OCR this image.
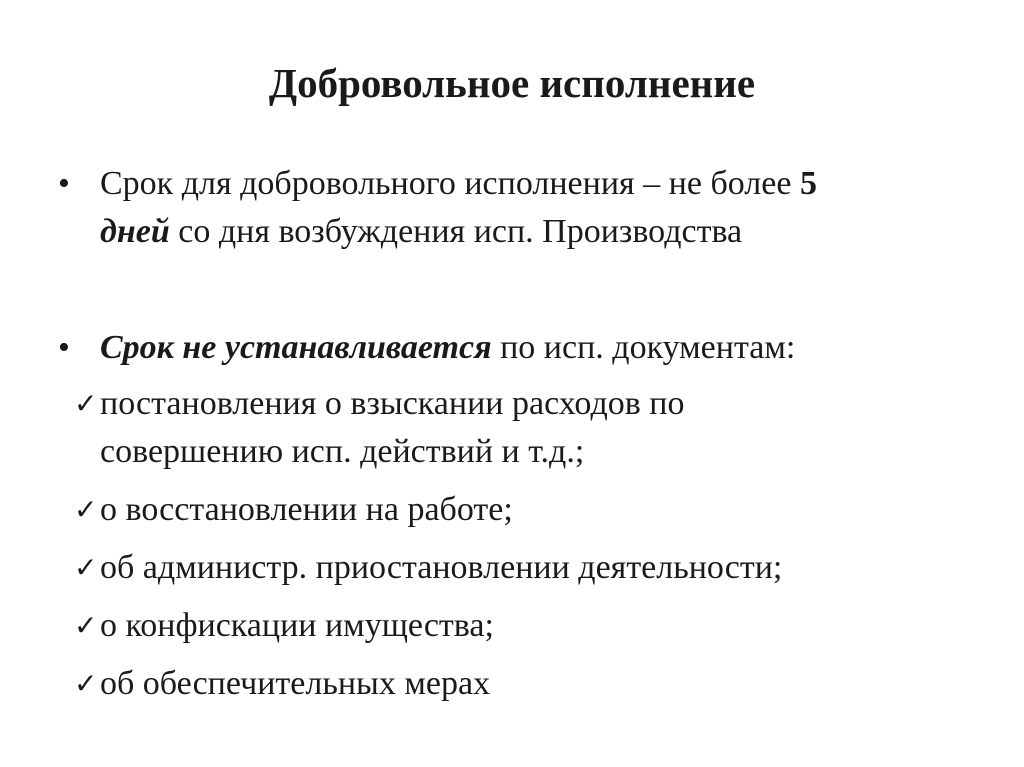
Добровольное исполнение
• Срок для добровольного исполнения – не более 5
дней со дня возбуждения исп. Производства
• Срок не устанавливается по исп. документам:
✓ постановления о взыскании расходов по
совершению исп. действий и т.д.;
✓ о восстановлении на работе;
✓ об администр. приостановлении деятельности;
✓ о конфискации имущества;
✓ об обеспечительных мерах
